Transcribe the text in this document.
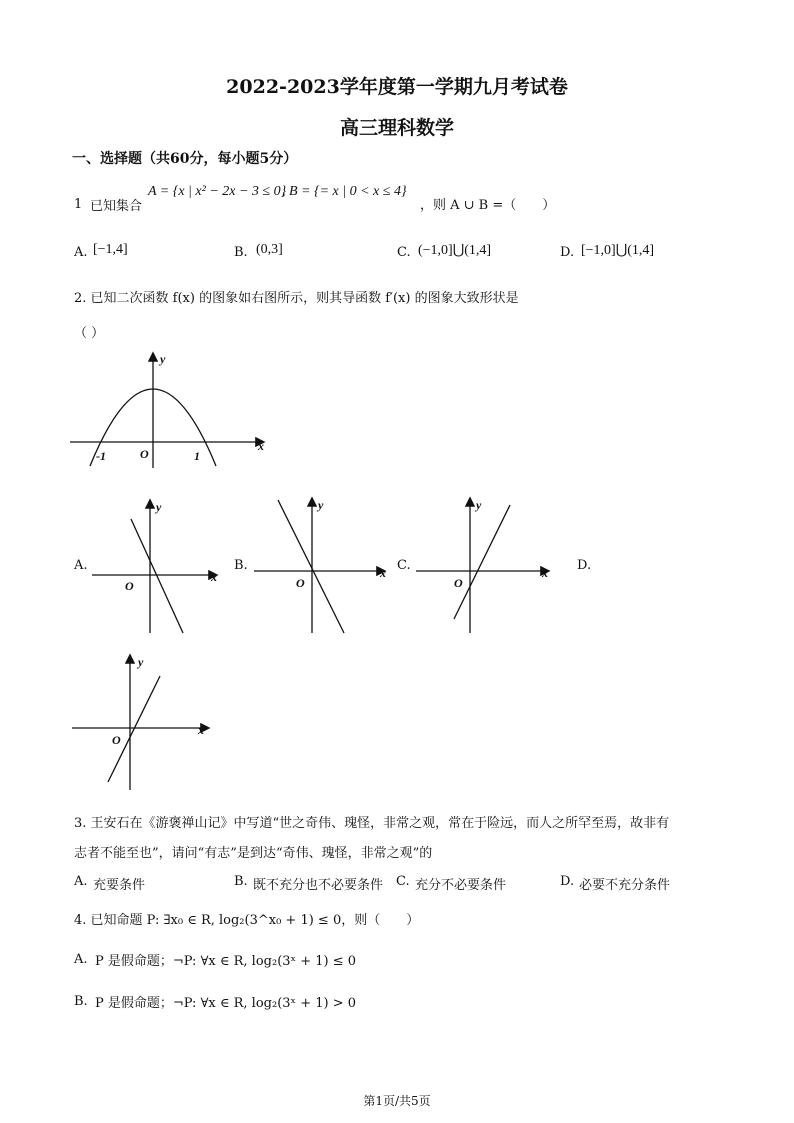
2022-2023学年度第一学期九月考试卷
高三理科数学
一、选择题（共60分，每小题5分）
1 已知集合
A = {x | x² − 2x − 3 ≤ 0}
, B = {= x | 0 < x ≤ 4}
，则 A ∪ B =（　　）
A. [−1,4]	B. (0,3]	C. (−1,0]⋃(1,4]	D. [−1,0]⋃(1,4]
2. 已知二次函数 f(x) 的图象如右图所示，则其导函数 f′(x) 的图象大致形状是
（ ）
y
x
O
-1	1
A.	B.	C.	D.
y
x
O
y
x
O
y
x
O
y
x
O
3. 王安石在《游褒禅山记》中写道“世之奇伟、瑰怪，非常之观，常在于险远，而人之所罕至焉，故非有
志者不能至也”，请问“有志”是到达“奇伟、瑰怪，非常之观”的
A. 充要条件	B. 既不充分也不必要条件 C. 充分不必要条件	D. 必要不充分条件
4. 已知命题 P: ∃x₀ ∈ R, log₂(3^x₀ + 1) ≤ 0，则（　　）
A. P 是假命题；¬P: ∀x ∈ R, log₂(3ˣ + 1) ≤ 0
B. P 是假命题；¬P: ∀x ∈ R, log₂(3ˣ + 1) > 0
第1页/共5页
